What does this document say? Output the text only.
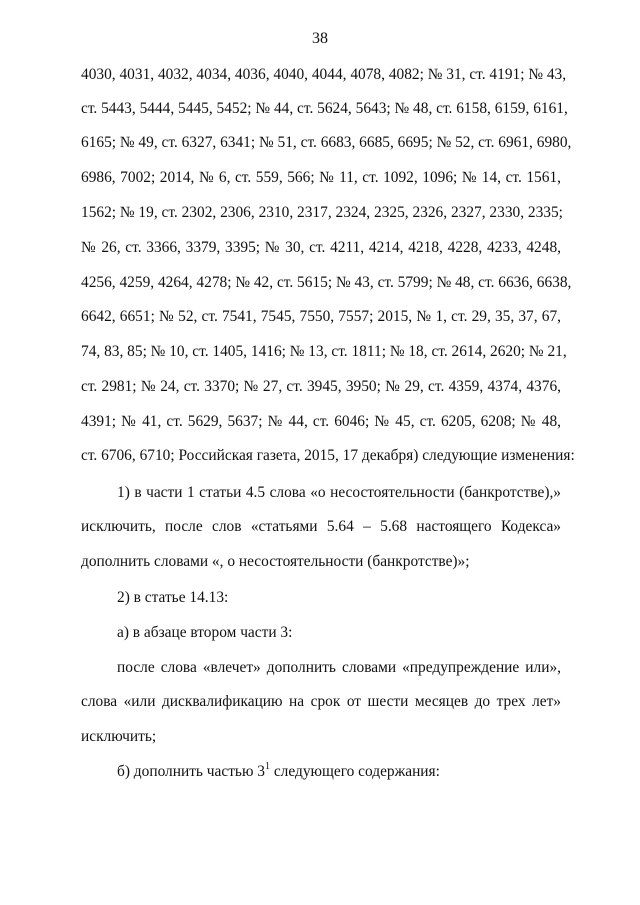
38
4030, 4031, 4032, 4034, 4036, 4040, 4044, 4078, 4082; № 31, ст. 4191; № 43,
ст. 5443, 5444, 5445, 5452; № 44, ст. 5624, 5643; № 48, ст. 6158, 6159, 6161,
6165; № 49, ст. 6327, 6341; № 51, ст. 6683, 6685, 6695; № 52, ст. 6961, 6980,
6986, 7002; 2014, № 6, ст. 559, 566; № 11, ст. 1092, 1096; № 14, ст. 1561,
1562; № 19, ст. 2302, 2306, 2310, 2317, 2324, 2325, 2326, 2327, 2330, 2335;
№ 26, ст. 3366, 3379, 3395; № 30, ст. 4211, 4214, 4218, 4228, 4233, 4248,
4256, 4259, 4264, 4278; № 42, ст. 5615; № 43, ст. 5799; № 48, ст. 6636, 6638,
6642, 6651; № 52, ст. 7541, 7545, 7550, 7557; 2015, № 1, ст. 29, 35, 37, 67,
74, 83, 85; № 10, ст. 1405, 1416; № 13, ст. 1811; № 18, ст. 2614, 2620; № 21,
ст. 2981; № 24, ст. 3370; № 27, ст. 3945, 3950; № 29, ст. 4359, 4374, 4376,
4391; № 41, ст. 5629, 5637; № 44, ст. 6046; № 45, ст. 6205, 6208; № 48,
ст. 6706, 6710; Российская газета, 2015, 17 декабря) следующие изменения:
1) в части 1 статьи 4.5 слова «о несостоятельности (банкротстве),»
исключить, после слов «статьями 5.64 – 5.68 настоящего Кодекса»
дополнить словами «, о несостоятельности (банкротстве)»;
2) в статье 14.13:
а) в абзаце втором части 3:
после слова «влечет» дополнить словами «предупреждение или»,
слова «или дисквалификацию на срок от шести месяцев до трех лет»
исключить;
б) дополнить частью $3^1$ следующего содержания:
